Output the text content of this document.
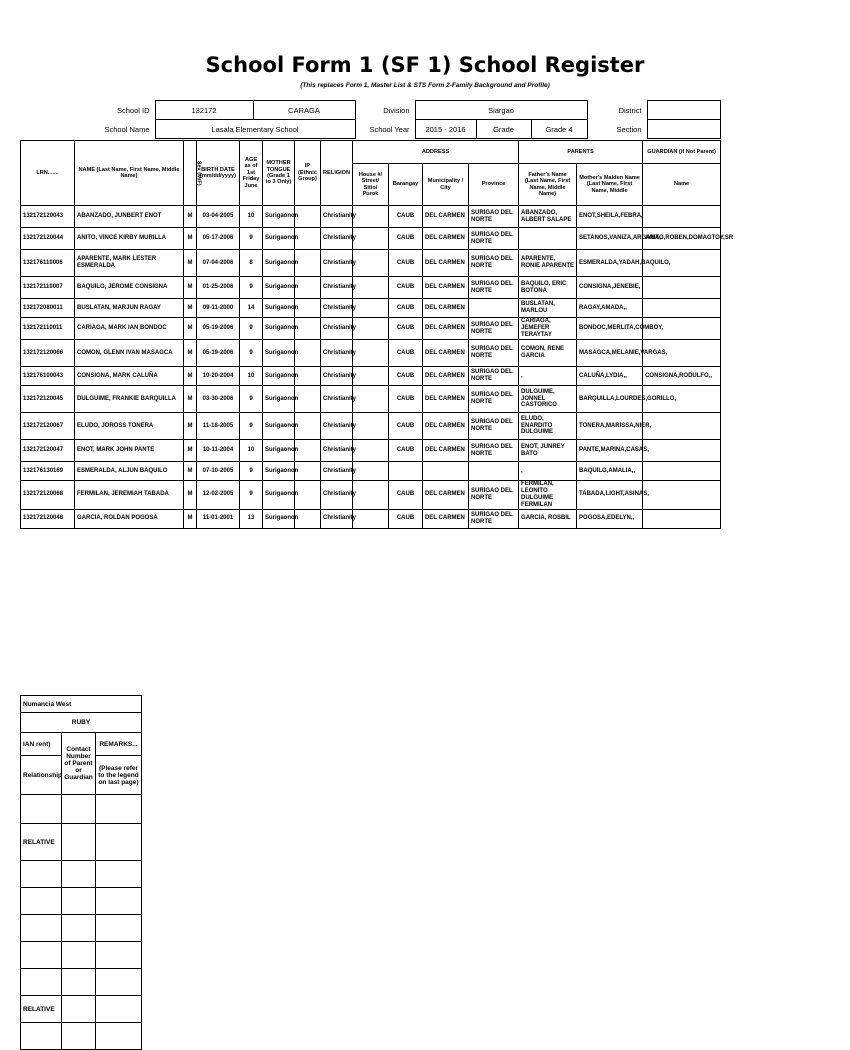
School Form 1 (SF 1) School Register
(This replaces Form 1, Master List & STS Form 2-Family Background and Profile)
School ID	132172	CARAGA	Division	Siargao	District	
School Name	Lasala Elementary School	School Year	2015 - 2016	Grade	Grade 4
		Section	
LRN.......	NAME (Last Name, First Name, Middle Name)	Sex (M/F)	BIRTH DATE (mm/dd/yyyy)	AGE as of 1st Friday June	MOTHER TONGUE (Grade 1 to 3 Only)	IP (Ethnic Group)	RELIGION	ADDRESS				PARENTS		GUARDIAN (if Not Parent)
								House #/ Street/ Sitio/ Purok	Barangay	Municipality / City	Province	Father's Name (Last Name, First Name, Middle Name)	Mother's Maiden Name (Last Name, First Name, Middle	Name
132172120043	ABANZADO, JUNBERT ENOT	M	03-04-2005	10	Surigaonon		Christianity		CAUB	DEL CARMEN	SURIGAO DEL NORTE	ABANZADO, ALBERT SALAPE	ENOT,SHEILA,FEBRA,	
132172120044	ANITO, VINCE KIRBY MURILLA	M	05-17-2006	9	Surigaonon		Christianity		CAUB	DEL CARMEN	SURIGAO DEL NORTE		SETANOS,VANIZA,ARGANA,	ANITO,ROBEN,DOMAGTOY,SR
132176110006	APARENTE, MARK LESTER ESMERALDA	M	07-04-2006	8	Surigaonon		Christianity		CAUB	DEL CARMEN	SURIGAO DEL NORTE	APARENTE, RONIE APARENTE	ESMERALDA,YADAH,BAQUILO,	
132172110007	BAQUILO, JEROME CONSIGNA	M	01-25-2006	9	Surigaonon		Christianity		CAUB	DEL CARMEN	SURIGAO DEL NORTE	BAQUILO, ERIC BOTONA	CONSIGNA,JENEBIE,	
132172080011	BUSLATAN, MARJUN RAGAY	M	09-11-2000	14	Surigaonon		Christianity		CAUB	DEL CARMEN		BUSLATAN, MARLOU	RAGAY,AMADA,,	
132172110011	CARIAGA, MARK IAN BONDOC	M	05-19-2006	9	Surigaonon		Christianity		CAUB	DEL CARMEN	SURIGAO DEL NORTE	CARIAGA, JEMEFER TERAYTAY	BONDOC,MERLITA,COMBOY,	
132172120066	COMON, GLENN IVAN MASAGCA	M	05-19-2006	9	Surigaonon		Christianity		CAUB	DEL CARMEN	SURIGAO DEL NORTE	COMON, RENE GARCIA	MASAGCA,MELANIE,VARGAS,	
132176100043	CONSIGNA, MARK CALUÑA	M	10-20-2004	10	Surigaonon		Christianity		CAUB	DEL CARMEN	SURIGAO DEL NORTE	,	CALUÑA,LYDIA,,	CONSIGNA,RODULFO,,
132172120045	DULGUIME, FRANKIE BARQUILLA	M	03-30-2006	9	Surigaonon		Christianity		CAUB	DEL CARMEN	SURIGAO DEL NORTE	DULGUIME, JONNEL CASTORICO	BARQUILLA,LOURDES,GORILLO,	
132172120067	ELUDO, JOROSS TONERA	M	11-18-2005	9	Surigaonon		Christianity		CAUB	DEL CARMEN	SURIGAO DEL NORTE	ELUDO, ENARDITO DULGUIME	TONERA,MARISSA,NIER,	
132172120047	ENOT, MARK JOHN PANTE	M	10-11-2004	10	Surigaonon		Christianity		CAUB	DEL CARMEN	SURIGAO DEL NORTE	ENOT, JUNREY BATO	PANTE,MARINA,CASAS,	
132176130169	ESMERALDA, ALJUN BAQUILO	M	07-10-2005	9	Surigaonon		Christianity					,	BAQUILO,AMALIA,,	
132172120068	FERMILAN, JEREMIAH TABADA	M	12-02-2005	9	Surigaonon		Christianity		CAUB	DEL CARMEN	SURIGAO DEL NORTE	FERMILAN, LEONITO DULGUIME FERMILAN	TABADA,LIGHT,ASINAS,	
132172120048	GARCIA, ROLDAN POGOSA	M	11-01-2001	13	Surigaonon		Christianity		CAUB	DEL CARMEN	SURIGAO DEL NORTE	GARCIA, ROSBIL	POGOSA,EDELYN,,	
Numancia West		
RUBY		
IAN rent)	Contact Number of Parent or Guardian	REMARKS...
Relationship		(Please refer to the legend on last page)

RELATIVE		

RELATIVE		
